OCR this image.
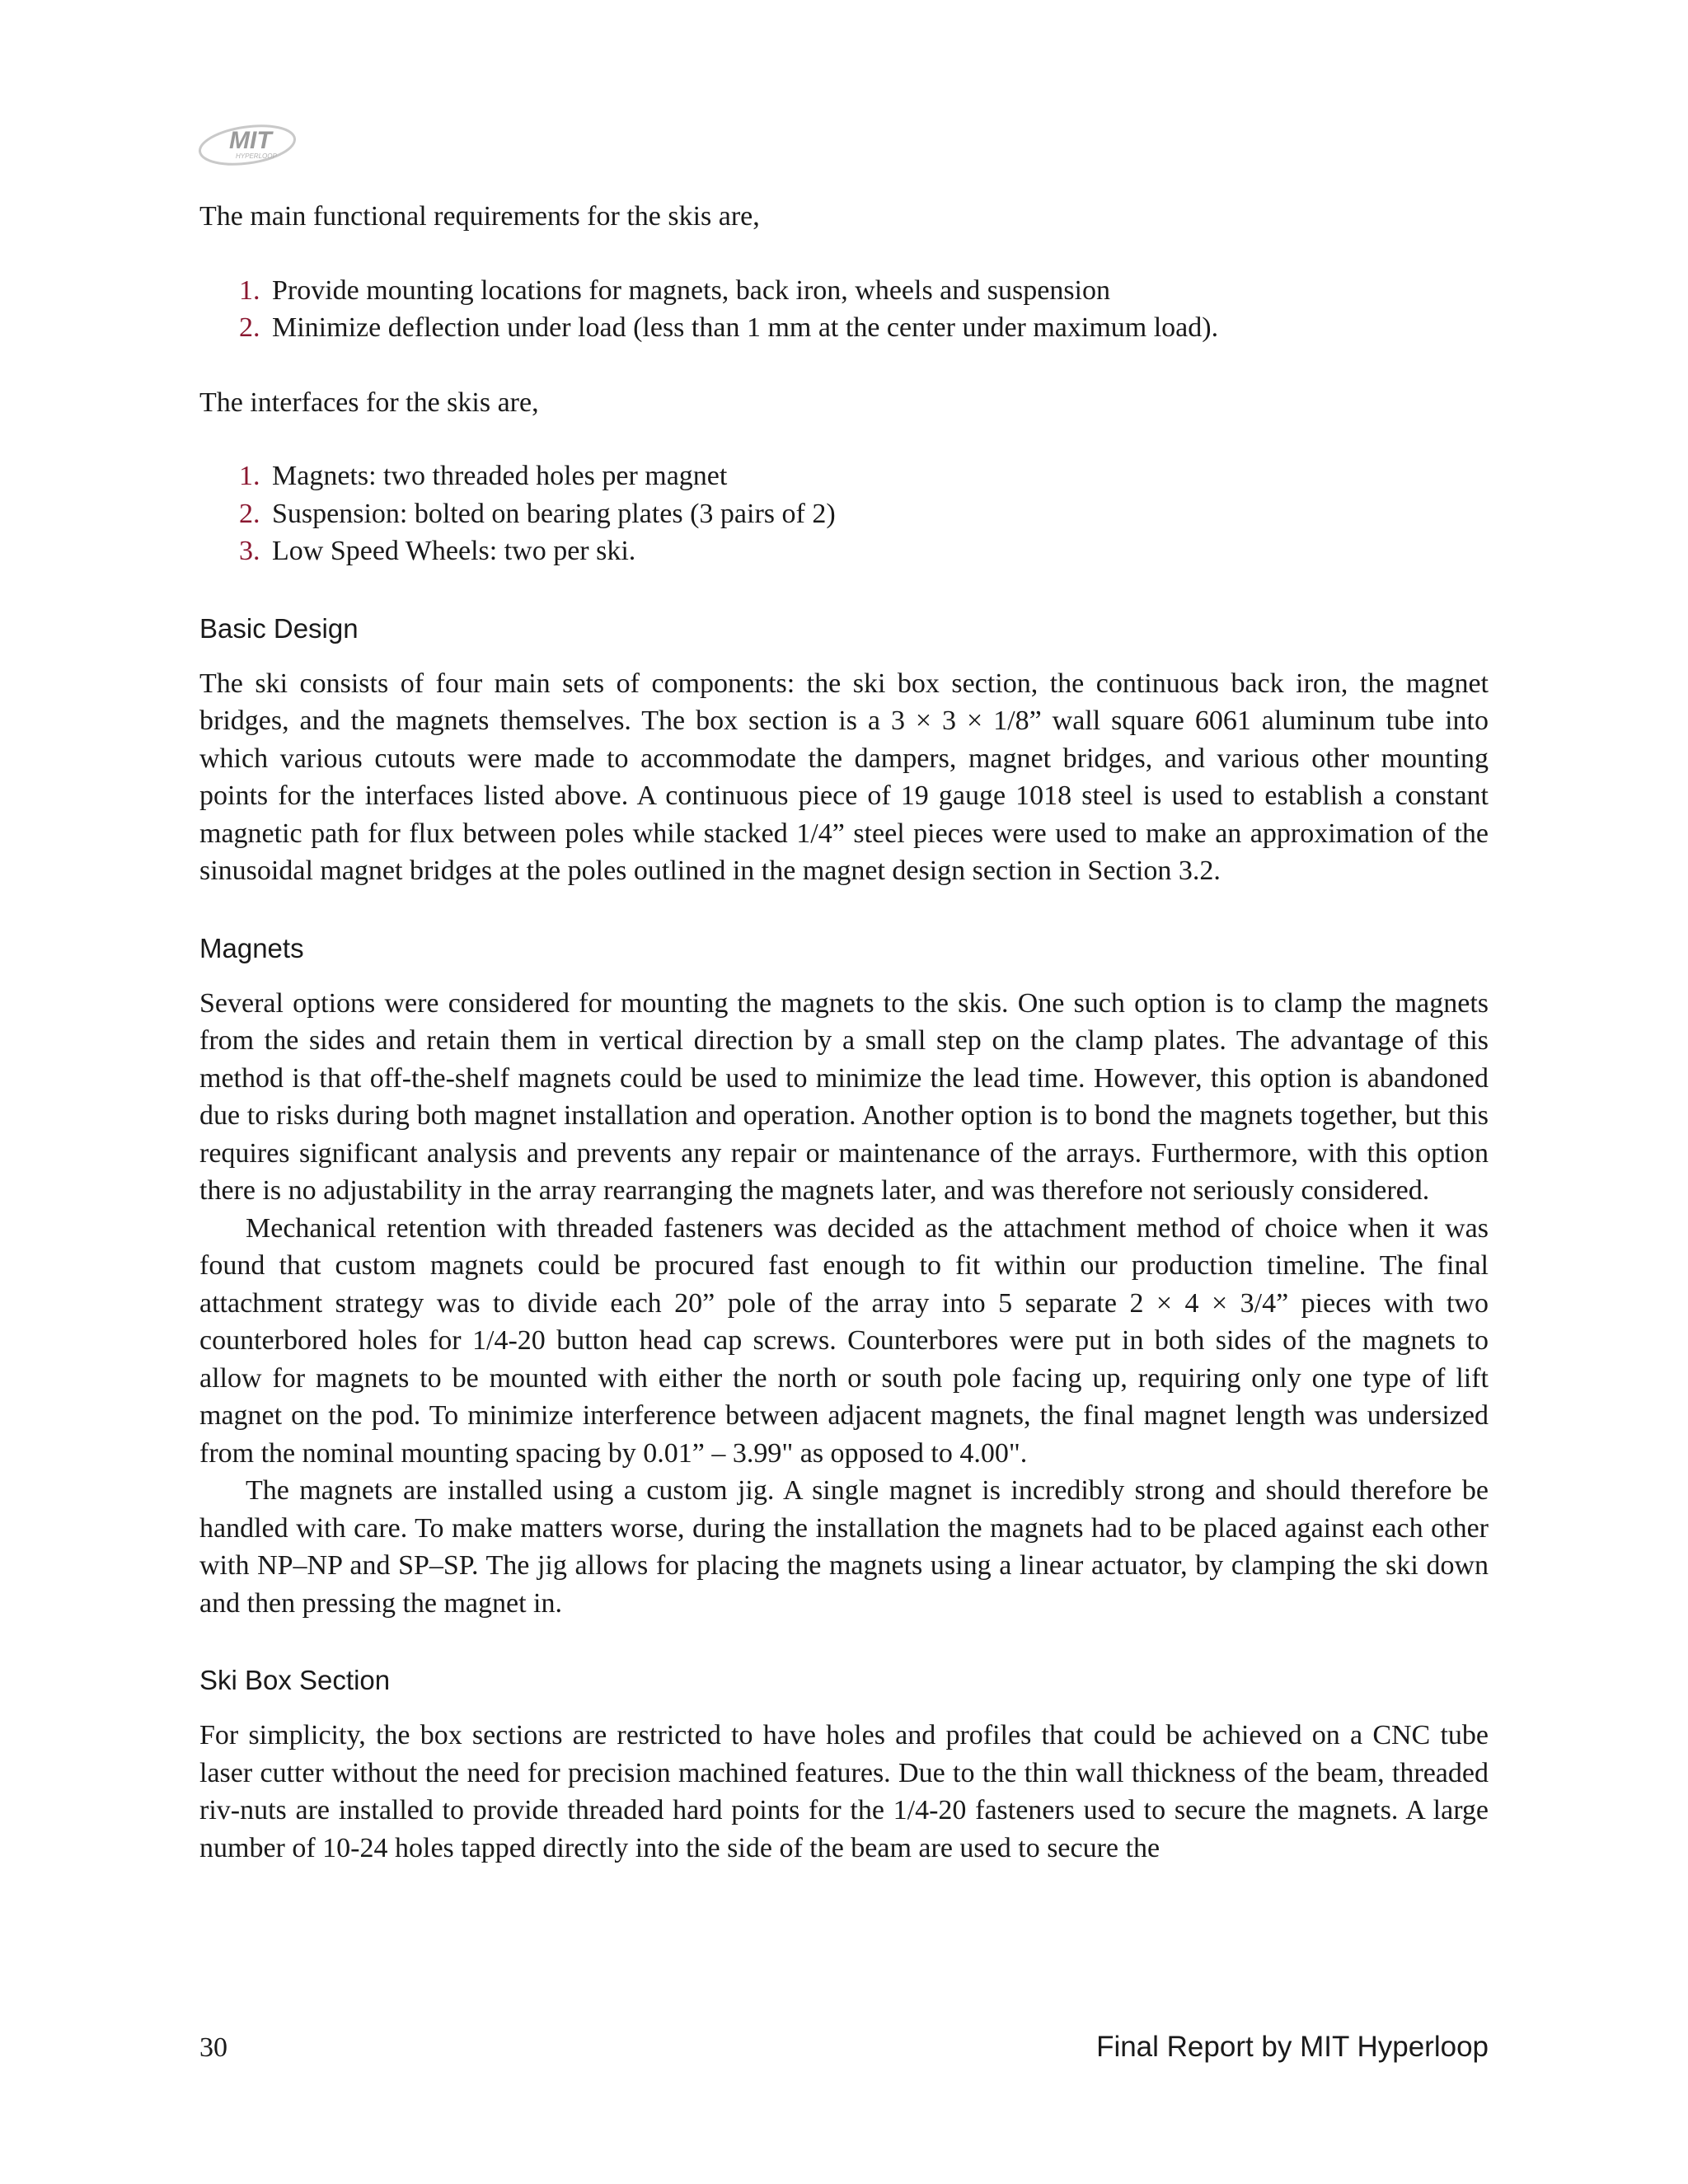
MIT
HYPERLOOP

The main functional requirements for the skis are,

1. Provide mounting locations for magnets, back iron, wheels and suspension
2. Minimize deflection under load (less than 1 mm at the center under maximum load).

The interfaces for the skis are,

1. Magnets: two threaded holes per magnet
2. Suspension: bolted on bearing plates (3 pairs of 2)
3. Low Speed Wheels: two per ski.
Basic Design

The ski consists of four main sets of components: the ski box section, the continuous back iron, the magnet bridges, and the magnets themselves. The box section is a 3 × 3 × 1/8” wall square 6061 aluminum tube into which various cutouts were made to accommodate the dampers, magnet bridges, and various other mounting points for the interfaces listed above. A continuous piece of 19 gauge 1018 steel is used to establish a constant magnetic path for flux between poles while stacked 1/4” steel pieces were used to make an approximation of the sinusoidal magnet bridges at the poles outlined in the magnet design section in Section 3.2.

Magnets

Several options were considered for mounting the magnets to the skis. One such option is to clamp the magnets from the sides and retain them in vertical direction by a small step on the clamp plates. The advantage of this method is that off-the-shelf magnets could be used to minimize the lead time. However, this option is abandoned due to risks during both magnet installation and operation. Another option is to bond the magnets together, but this requires significant analysis and prevents any repair or maintenance of the arrays. Furthermore, with this option there is no adjustability in the array rearranging the magnets later, and was therefore not seriously considered.

Mechanical retention with threaded fasteners was decided as the attachment method of choice when it was found that custom magnets could be procured fast enough to fit within our production timeline. The final attachment strategy was to divide each 20” pole of the array into 5 separate 2 × 4 × 3/4” pieces with two counterbored holes for 1/4-20 button head cap screws. Counterbores were put in both sides of the magnets to allow for magnets to be mounted with either the north or south pole facing up, requiring only one type of lift magnet on the pod. To minimize interference between adjacent magnets, the final magnet length was undersized from the nominal mounting spacing by 0.01” – 3.99" as opposed to 4.00".

The magnets are installed using a custom jig. A single magnet is incredibly strong and should therefore be handled with care. To make matters worse, during the installation the magnets had to be placed against each other with NP–NP and SP–SP. The jig allows for placing the magnets using a linear actuator, by clamping the ski down and then pressing the magnet in.

Ski Box Section

For simplicity, the box sections are restricted to have holes and profiles that could be achieved on a CNC tube laser cutter without the need for precision machined features. Due to the thin wall thickness of the beam, threaded riv-nuts are installed to provide threaded hard points for the 1/4-20 fasteners used to secure the magnets. A large number of 10-24 holes tapped directly into the side of the beam are used to secure the

30	Final Report by MIT Hyperloop
